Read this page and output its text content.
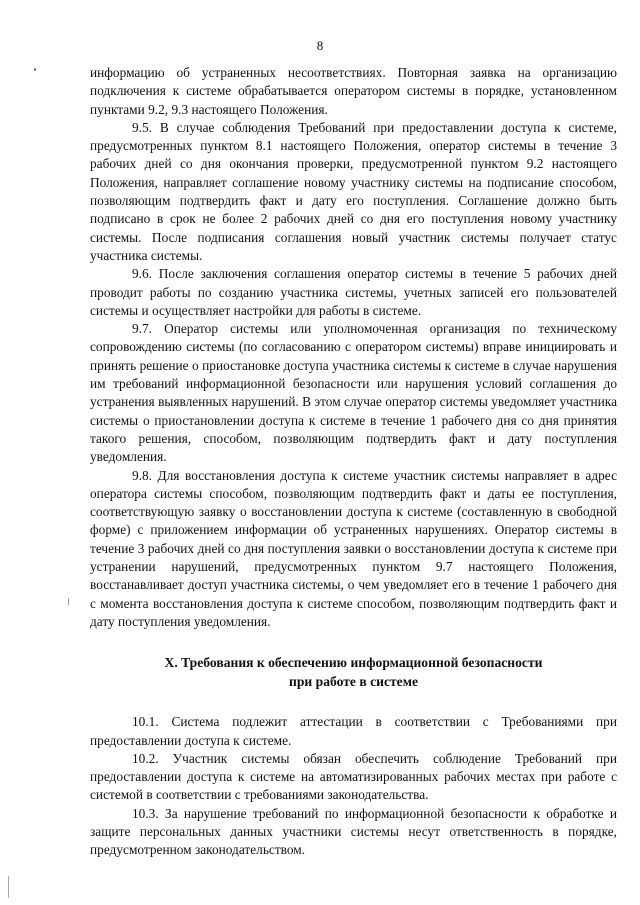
8

информацию об устраненных несоответствиях. Повторная заявка на организацию подключения к системе обрабатывается оператором системы в порядке, установленном пунктами 9.2, 9.3 настоящего Положения.

9.5. В случае соблюдения Требований при предоставлении доступа к системе, предусмотренных пунктом 8.1 настоящего Положения, оператор системы в течение 3 рабочих дней со дня окончания проверки, предусмотренной пунктом 9.2 настоящего Положения, направляет соглашение новому участнику системы на подписание способом, позволяющим подтвердить факт и дату его поступления. Соглашение должно быть подписано в срок не более 2 рабочих дней со дня его поступления новому участнику системы. После подписания соглашения новый участник системы получает статус участника системы.

9.6. После заключения соглашения оператор системы в течение 5 рабочих дней проводит работы по созданию участника системы, учетных записей его пользователей системы и осуществляет настройки для работы в системе.

9.7. Оператор системы или уполномоченная организация по техническому сопровождению системы (по согласованию с оператором системы) вправе инициировать и принять решение о приостановке доступа участника системы к системе в случае нарушения им требований информационной безопасности или нарушения условий соглашения до устранения выявленных нарушений. В этом случае оператор системы уведомляет участника системы о приостановлении доступа к системе в течение 1 рабочего дня со дня принятия такого решения, способом, позволяющим подтвердить факт и дату поступления уведомления.

9.8. Для восстановления доступа к системе участник системы направляет в адрес оператора системы способом, позволяющим подтвердить факт и даты ее поступления, соответствующую заявку о восстановлении доступа к системе (составленную в свободной форме) с приложением информации об устраненных нарушениях. Оператор системы в течение 3 рабочих дней со дня поступления заявки о восстановлении доступа к системе при устранении нарушений, предусмотренных пунктом 9.7 настоящего Положения, восстанавливает доступ участника системы, о чем уведомляет его в течение 1 рабочего дня с момента восстановления доступа к системе способом, позволяющим подтвердить факт и дату поступления уведомления.

X. Требования к обеспечению информационной безопасности
при работе в системе

10.1. Система подлежит аттестации в соответствии с Требованиями при предоставлении доступа к системе.

10.2. Участник системы обязан обеспечить соблюдение Требований при предоставлении доступа к системе на автоматизированных рабочих местах при работе с системой в соответствии с требованиями законодательства.

10.3. За нарушение требований по информационной безопасности к обработке и защите персональных данных участники системы несут ответственность в порядке, предусмотренном законодательством.
